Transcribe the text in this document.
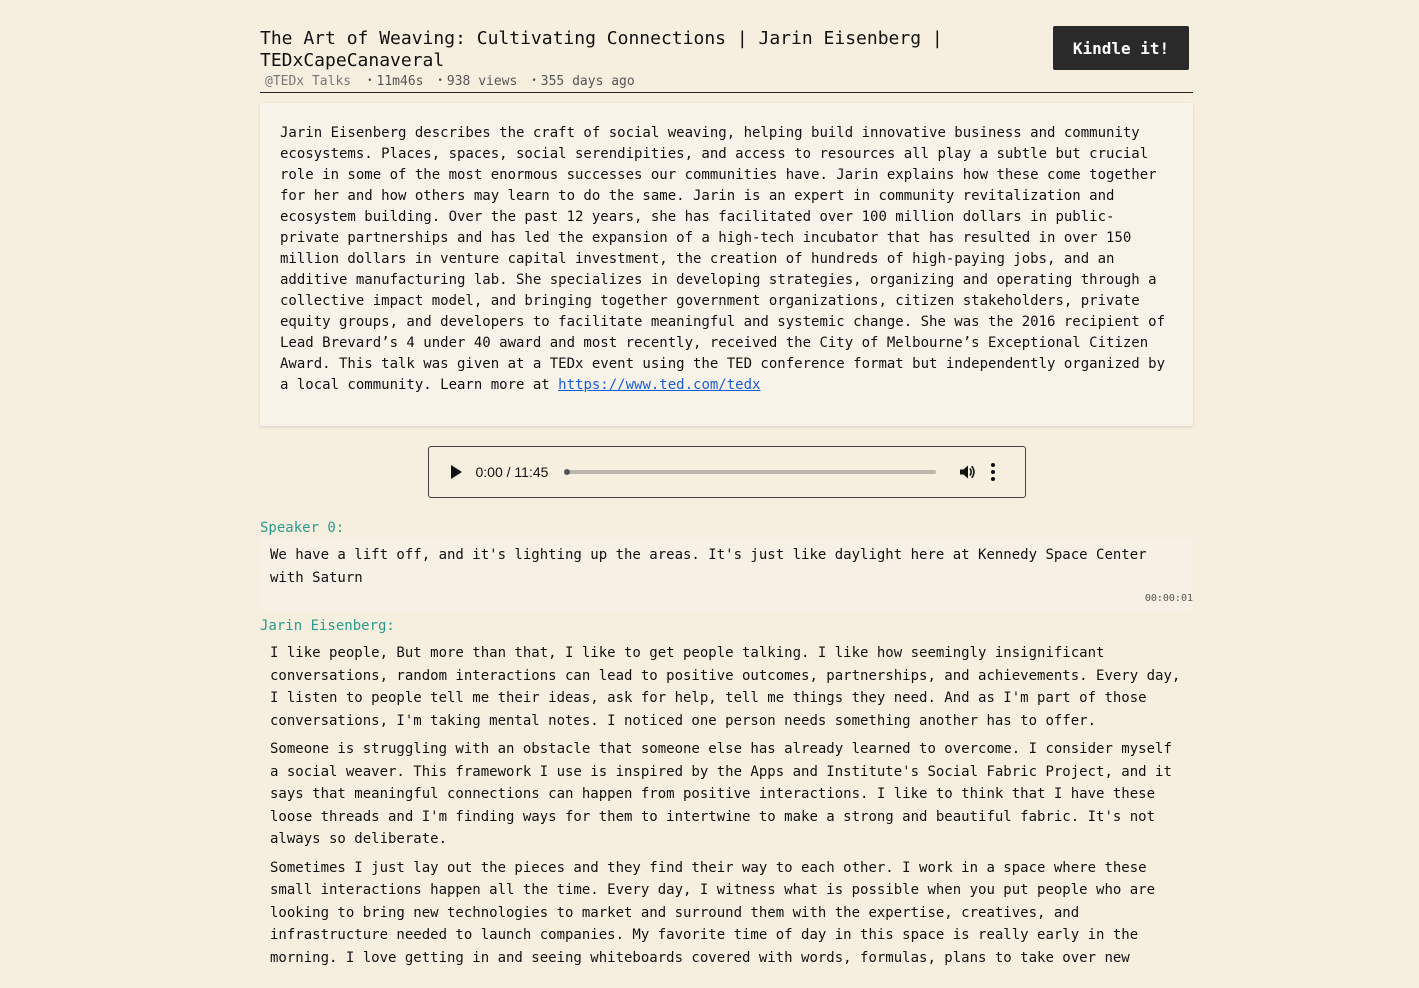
The Art of Weaving: Cultivating Connections | Jarin Eisenberg | TEDxCapeCanaveral
@TEDx Talks	• 11m46s	• 938 views	• 355 days ago
Kindle it!
Jarin Eisenberg describes the craft of social weaving, helping build innovative business and community ecosystems. Places, spaces, social serendipities, and access to resources all play a subtle but crucial role in some of the most enormous successes our communities have. Jarin explains how these come together for her and how others may learn to do the same. Jarin is an expert in community revitalization and ecosystem building. Over the past 12 years, she has facilitated over 100 million dollars in public-private partnerships and has led the expansion of a high-tech incubator that has resulted in over 150 million dollars in venture capital investment, the creation of hundreds of high-paying jobs, and an additive manufacturing lab. She specializes in developing strategies, organizing and operating through a collective impact model, and bringing together government organizations, citizen stakeholders, private equity groups, and developers to facilitate meaningful and systemic change. She was the 2016 recipient of Lead Brevard’s 4 under 40 award and most recently, received the City of Melbourne’s Exceptional Citizen Award. This talk was given at a TEDx event using the TED conference format but independently organized by a local community. Learn more at https://www.ted.com/tedx
0:00 / 11:45

Speaker 0:

We have a lift off, and it's lighting up the areas. It's just like daylight here at Kennedy Space Center with Saturn

00:00:01

Jarin Eisenberg:

I like people, But more than that, I like to get people talking. I like how seemingly insignificant conversations, random interactions can lead to positive outcomes, partnerships, and achievements. Every day, I listen to people tell me their ideas, ask for help, tell me things they need. And as I'm part of those conversations, I'm taking mental notes. I noticed one person needs something another has to offer.

Someone is struggling with an obstacle that someone else has already learned to overcome. I consider myself a social weaver. This framework I use is inspired by the Apps and Institute's Social Fabric Project, and it says that meaningful connections can happen from positive interactions. I like to think that I have these loose threads and I'm finding ways for them to intertwine to make a strong and beautiful fabric. It's not always so deliberate.

Sometimes I just lay out the pieces and they find their way to each other. I work in a space where these small interactions happen all the time. Every day, I witness what is possible when you put people who are looking to bring new technologies to market and surround them with the expertise, creatives, and infrastructure needed to launch companies. My favorite time of day in this space is really early in the morning. I love getting in and seeing whiteboards covered with words, formulas, plans to take over new
